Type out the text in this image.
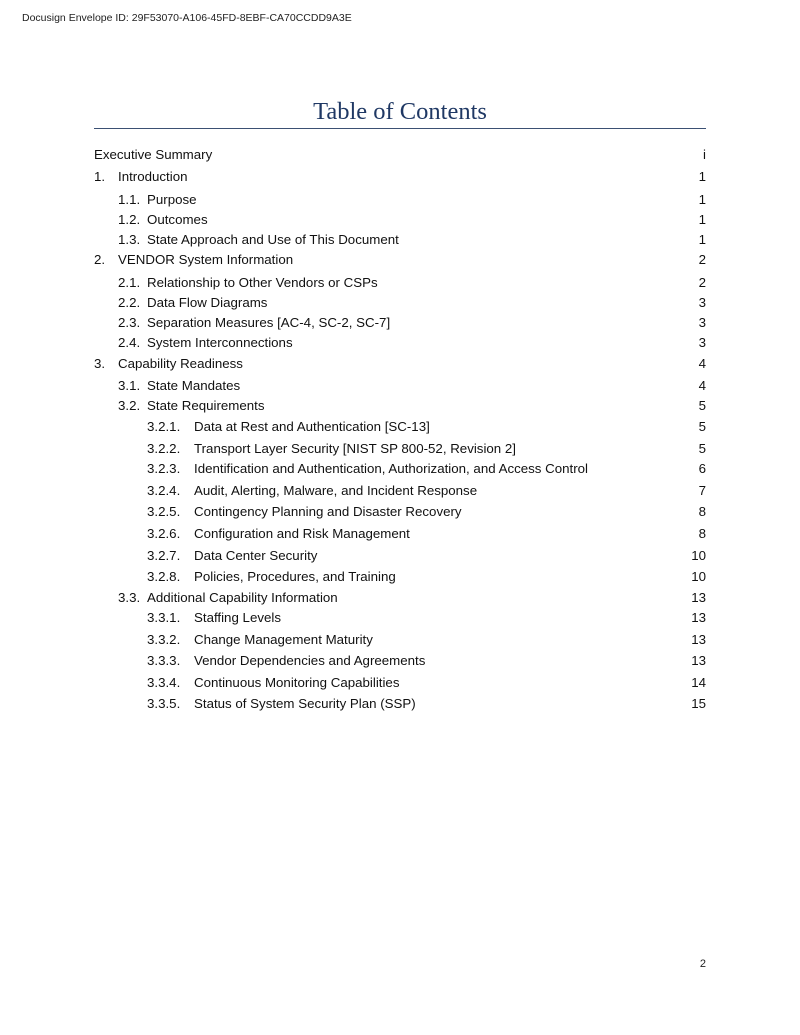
Docusign Envelope ID: 29F53070-A106-45FD-8EBF-CA70CCDD9A3E
Table of Contents
Executive Summary	i
1. Introduction	1
1.1. Purpose	1
1.2. Outcomes	1
1.3. State Approach and Use of This Document	1
2. VENDOR System Information	2
2.1. Relationship to Other Vendors or CSPs	2
2.2. Data Flow Diagrams	3
2.3. Separation Measures [AC-4, SC-2, SC-7]	3
2.4. System Interconnections	3
3. Capability Readiness	4
3.1. State Mandates	4
3.2. State Requirements	5
3.2.1. Data at Rest and Authentication [SC-13]	5
3.2.2. Transport Layer Security [NIST SP 800-52, Revision 2]	5
3.2.3. Identification and Authentication, Authorization, and Access Control	6
3.2.4. Audit, Alerting, Malware, and Incident Response	7
3.2.5. Contingency Planning and Disaster Recovery	8
3.2.6. Configuration and Risk Management	8
3.2.7. Data Center Security	10
3.2.8. Policies, Procedures, and Training	10
3.3. Additional Capability Information	13
3.3.1. Staffing Levels	13
3.3.2. Change Management Maturity	13
3.3.3. Vendor Dependencies and Agreements	13
3.3.4. Continuous Monitoring Capabilities	14
3.3.5. Status of System Security Plan (SSP)	15
2
